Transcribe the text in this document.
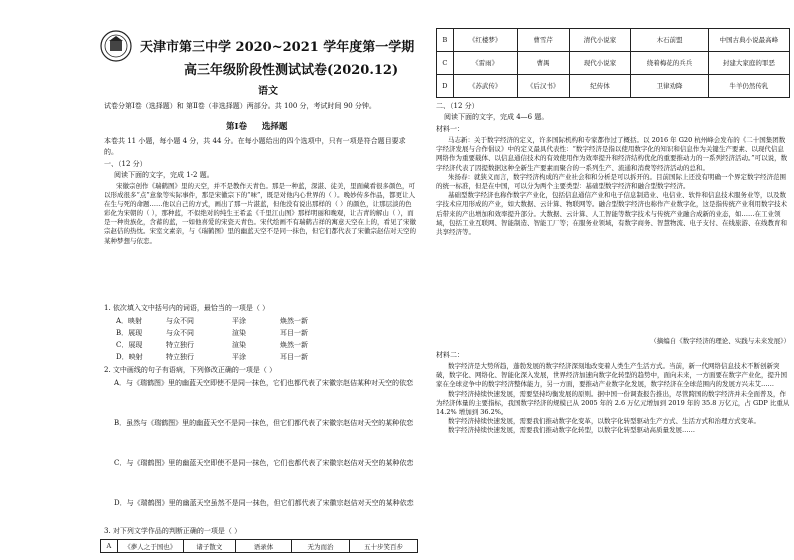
天津市第三中学 2020~2021 学年度第一学期
高三年级阶段性测试试卷(2020.12)
语文
试卷分第Ⅰ卷（选择题）和 第Ⅱ卷（非选择题）两部分。共 100 分，考试时间 90 分钟。
第Ⅰ卷 选择题
本卷共 11 小题，每小题 4 分，共 44 分。在每小题给出的四个选项中，只有一项是符合题目要求的。
一、（12 分）
阅读下面的文字，完成 1-2 题。
宋徽宗创作《瑞鹤图》里的天空，并不是教作天青色。那是一种蓝，深湛、徒美，里面藏看很多颜色，可以形成很多“点”意象等实际事件，那是宋徽宗下的“味”，既是对他内心世界的（ ）。晚妙传多作品，都更让人在生与死的命题……他以自己的方式，画出了那一片湛蓝，但他没有说出那样的（ ）的颜色，让那层淡的色彩化为宋朝的（ ），那种蓝，不似绝对的纯生王希孟《千里江山图》那样明丽和晚观，让吉青的解山（ ），而是一种贵族化，含蓄的蓝，一如他喜爱的宋瓷天青色。宋代绘画不有瑞鹤吉祥的寓意天空在上的，看见了宋徽宗赵佶的热忱。宋室文素亲，与《瑞鹤图》里的幽蓝天空不是同一抹色，但它们都代表了宋徽宗赵佶对天空的某种梦想与依恋。
1. 依次填入文中括号内的词语，最恰当的一项是（ ）
A．映射	与众不同	平涂	焕然一新
B．展现	与众不同	渲染	耳目一新
C．展现	特立独行	渲染	焕然一新
D．映射	特立独行	平涂	耳目一新
2. 文中画线的句子有语病，下列修改正确的一项是（ ）
A．与《瑞鹤图》里的幽蓝天空即使不是同一抹色，它们也都代表了宋徽宗赵佶某种对天空的依恋
B．虽然与《瑞鹤图》里的幽蓝天空不是同一抹色，但它们都代表了宋徽宗赵佶对天空的某种依恋
C．与《瑞鹤图》里的幽蓝天空即使不是同一抹色，它们也都代表了宋徽宗赵佶对天空的某种依恋
D．与《瑞鹤图》里的幽蓝天空虽然不是同一抹色，但它们都代表了宋徽宗赵佶对天空的某种依恋
3. 对下列文学作品的判断正确的一项是（ ）
A	《夢人之于国也》	诸子散文	语录体	无为而治	五十步笑百步
B	《红楼梦》	曹雪芹	清代小说家	木石前盟	中国古典小说最高峰
C	《雷雨》	曹禺	现代小说家	绕着梅花的兵兵	封建大家庭的罪恶
D	《苏武传》	《后汉书》	纪传体	卫律劝降	牛羊仍然传乳
二、（12 分）
阅读下面的文字，完成 4—6 题。
材料一：

马志新：关于数字经济的定义，许多国际机构和专家都作过了概括。以 2016 年 G20 杭州峰会发布的《二十国集团数字经济发展与合作倡议》中的定义最具代表性：“数字经济是指以使用数字化的知识和信息作为关键生产要素、以现代信息网络作为重要载体、以信息通信技术的有效使用作为效率提升和经济结构优化的重要推动力的一系列经济活动。”可以说，数字经济代表了因提数据这种全新生产要素而聚合的一系列生产、流通和消费等经济活动的总和。

朱扬春：就狭义而言，数字经济构成的产业社会和和分析是可以拆开的。目前国际上还没有明确一个界定数字经济范围的统一标准，但是在中国，可以分为两个主要类型：基础型数字经济和融合型数字经济。

基础型数字经济也称作数字产业化，包括信息通信产业和电子信息制造业、电信业、软件和信息技术服务业等，以及数字技术应用形成的产业，如大数据、云计算、物联网等。融合型数字经济也称作产业数字化，这是指传统产业利用数字技术后带来的产出增加和效率提升部分。大数据、云计算、人工智能等数字技术与传统产业融合成新的业态，如……在工业领域，包括工业互联网、智能制造、智能工厂等；在服务业领域，有数字商务、智慧物流、电子支付、在线旅游、在线教育和共享经济等。

（摘编自《数字经济的理论、实践与未来发展》）
材料二：

数字经济是大势所趋，蓬勃发展的数字经济深刻地改变着人类生产生活方式。当前，新一代网络信息技术不断创新突破，数字化、网络化、智能化深入发展，世界经济加速向数字化转型的趋势中，面向未来，一方面要在数字产业化，提升国家在全球竞争中的数字经济整体能力，另一方面，要推动产业数字化发展，数字经济在全球范围内的发展方兴未艾……

数字经济持续快速发展，需要坚持均衡发展的原则。据中国一份调查报告推出，尽管跨国的数字经济并未全面普及，作为经济体量的主要指标，我国数字经济的规模已从 2005 年的 2.6 万亿元增加到 2019 年的 35.8 万亿元，占 GDP 比重从 14.2% 增加到 36.2%。

数字经济持续快速发展，需要我们推动数字化变革，以数字化转型驱动生产方式、生活方式和治理方式变革。

数字经济持续快速发展，需要我们推动数字化转型，以数字化转型驱动高质量发展……
